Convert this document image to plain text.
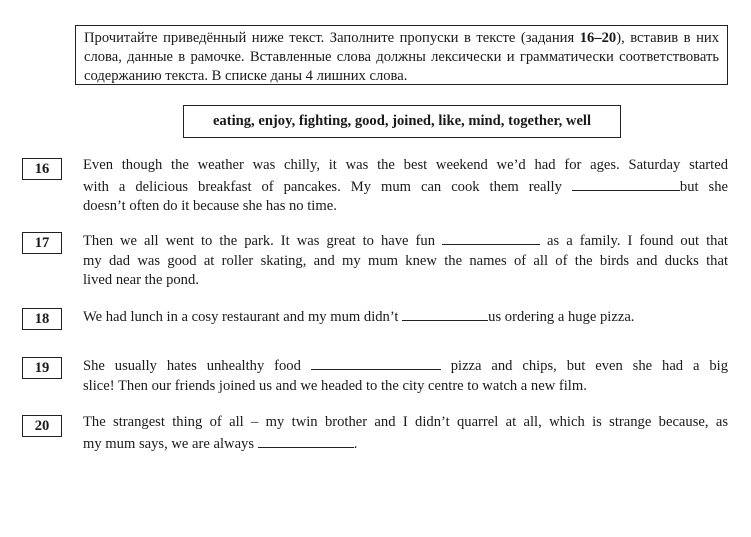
Прочитайте приведённый ниже текст. Заполните пропуски в тексте (задания 16–20), вставив в них слова, данные в рамочке. Вставленные слова должны лексически и грамматически соответствовать содержанию текста. В списке даны 4 лишних слова.
eating, enjoy, fighting, good, joined, like, mind, together, well
16	Even though the weather was chilly, it was the best weekend we’d had for ages. Saturday started
with a delicious breakfast of pancakes. My mum can cook them really	but she
doesn’t often do it because she has no time.
17	Then we all went to the park. It was great to have fun	as a family. I found out that
my dad was good at roller skating, and my mum knew the names of all of the birds and ducks that
lived near the pond.
18	We had lunch in a cosy restaurant and my mum didn’t	us ordering a huge pizza.
19	She usually hates unhealthy food	pizza and chips, but even she had a big
slice! Then our friends joined us and we headed to the city centre to watch a new film.
20	The strangest thing of all – my twin brother and I didn’t quarrel at all, which is strange because, as
my mum says, we are always	.
